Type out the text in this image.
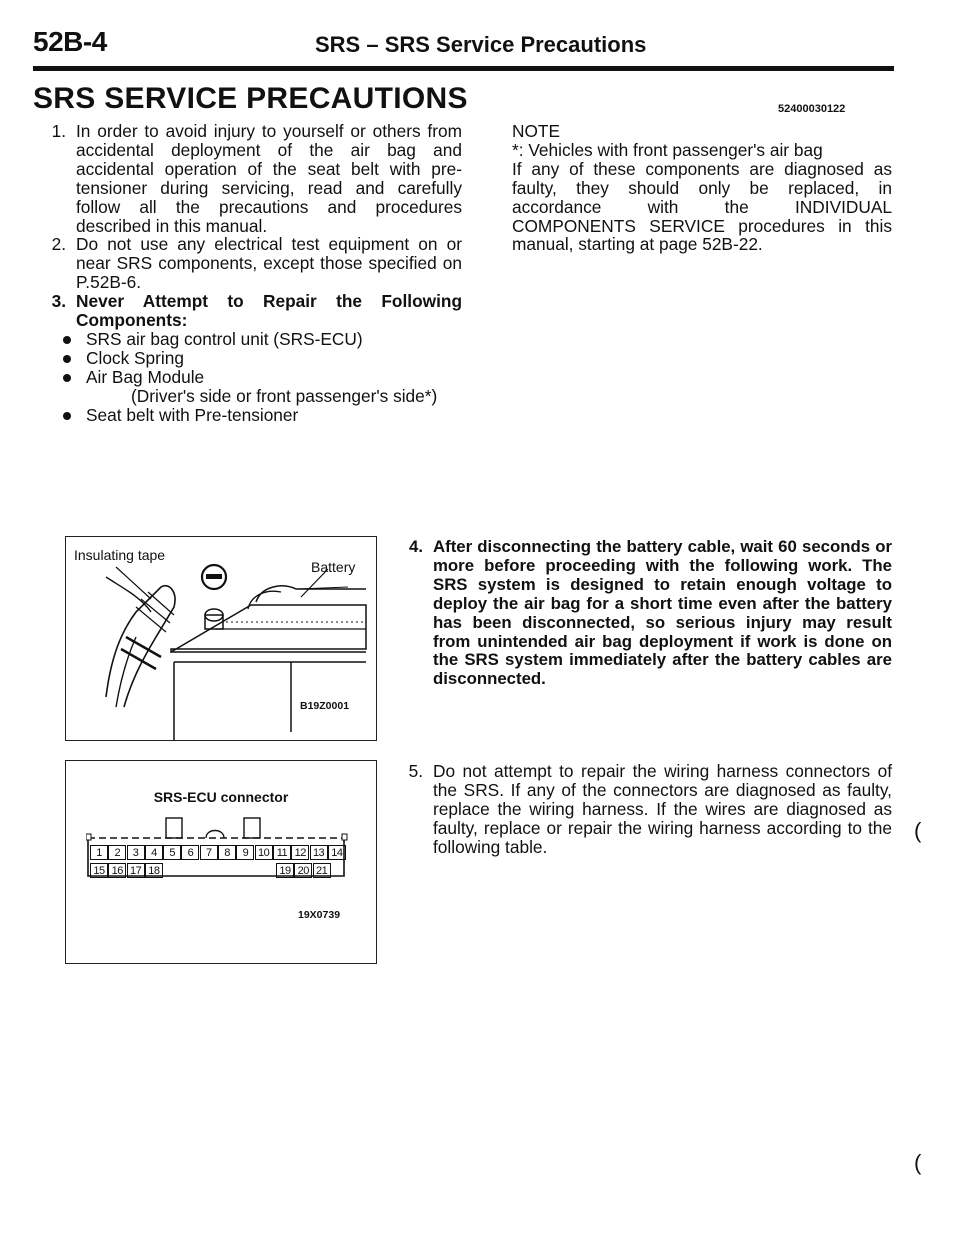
52B-4	SRS – SRS Service Precautions
SRS SERVICE PRECAUTIONS	52400030122
1. In order to avoid injury to yourself or others from accidental deployment of the air bag and accidental operation of the seat belt with pre-tensioner during servicing, read and carefully follow all the precautions and procedures described in this manual.
2. Do not use any electrical test equipment on or near SRS components, except those specified on P.52B-6.
3. Never Attempt to Repair the Following Components:
SRS air bag control unit (SRS-ECU)
Clock Spring
Air Bag Module
(Driver's side or front passenger's side*)
Seat belt with Pre-tensioner
NOTE
*: Vehicles with front passenger's air bag
If any of these components are diagnosed as faulty, they should only be replaced, in accordance with the INDIVIDUAL COMPONENTS SERVICE procedures in this manual, starting at page 52B-22.
Insulating tape
Battery
B19Z0001
SRS-ECU connector
1	2	3	4	5	6	7	8	9 10 11 12 13 14
15 16 17 18	19 20 21
19X0739
4. After disconnecting the battery cable, wait 60 seconds or more before proceeding with the following work. The SRS system is designed to retain enough voltage to deploy the air bag for a short time even after the battery has been disconnected, so serious injury may result from unintended air bag deployment if work is done on the SRS system immediately after the battery cables are disconnected.
5. Do not attempt to repair the wiring harness connectors of the SRS. If any of the connectors are diagnosed as faulty, replace the wiring harness. If the wires are diagnosed as faulty, replace or repair the wiring harness according to the following table.
(
(
